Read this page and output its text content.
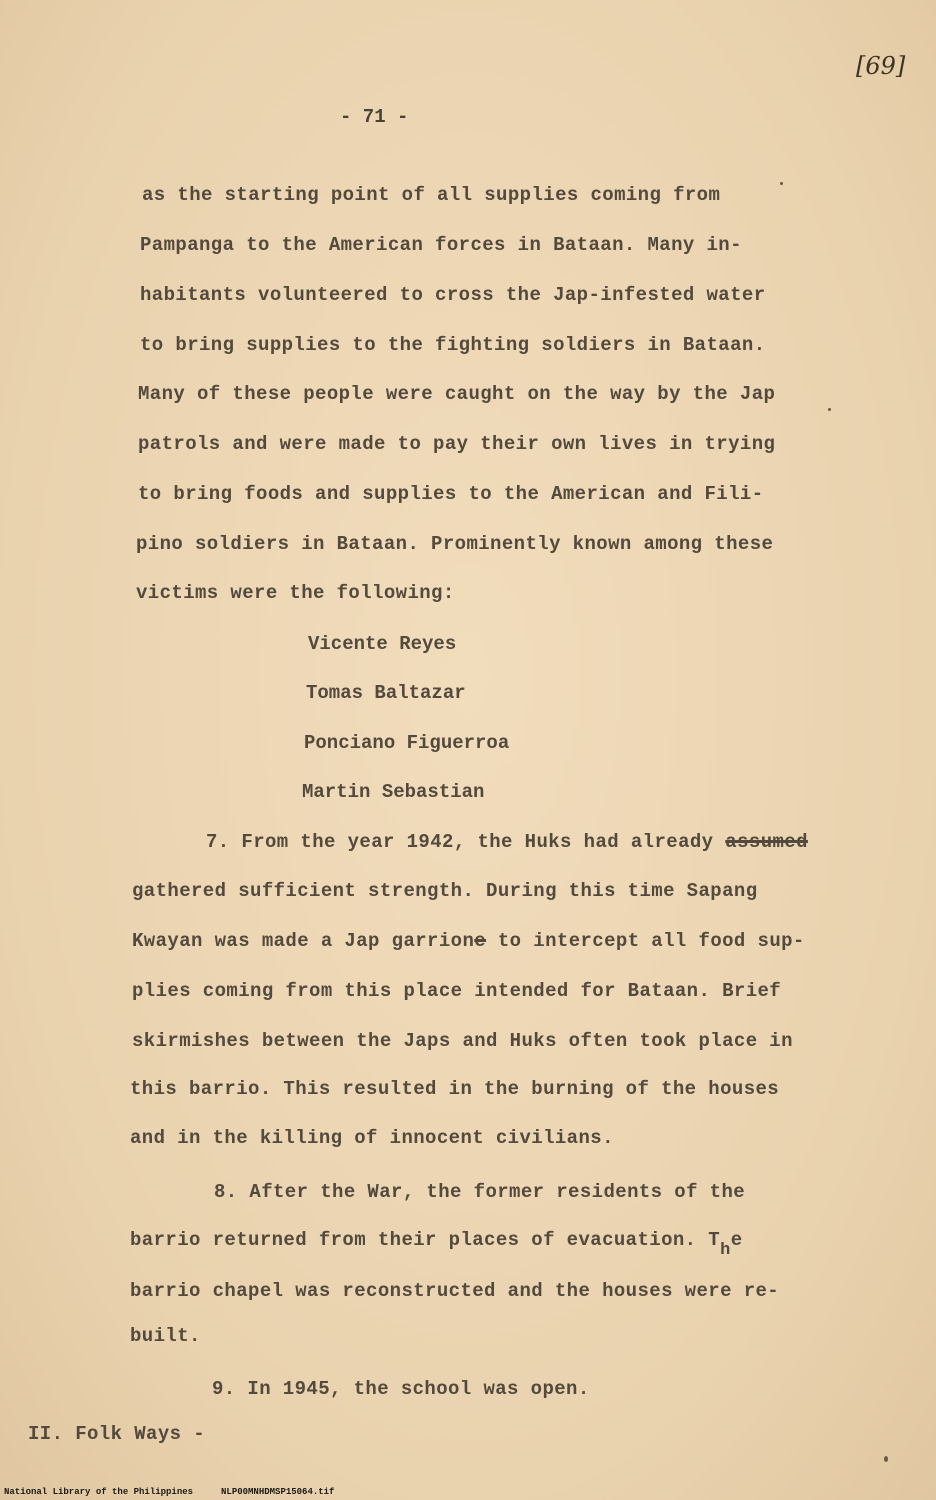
[69]
- 71 -
as the starting point of all supplies coming from
Pampanga to the American forces in Bataan. Many in-
habitants volunteered to cross the Jap-infested water
to bring supplies to the fighting soldiers in Bataan.
Many of these people were caught on the way by the Jap
patrols and were made to pay their own lives in trying
to bring foods and supplies to the American and Fili-
pino soldiers in Bataan. Prominently known among these
victims were the following:
Vicente Reyes
Tomas Baltazar
Ponciano Figuerroa
Martin Sebastian
7. From the year 1942, the Huks had already assumed
gathered sufficient strength. During this time Sapang
Kwayan was made a Jap garrione to intercept all food sup-
plies coming from this place intended for Bataan. Brief
skirmishes between the Japs and Huks often took place in
this barrio. This resulted in the burning of the houses
and in the killing of innocent civilians.
8. After the War, the former residents of the
barrio returned from their places of evacuation. The
barrio chapel was reconstructed and the houses were re-
built.
9. In 1945, the school was open.
II. Folk Ways -
National Library of the Philippines	NLP00MNHDMSP15064.tif
